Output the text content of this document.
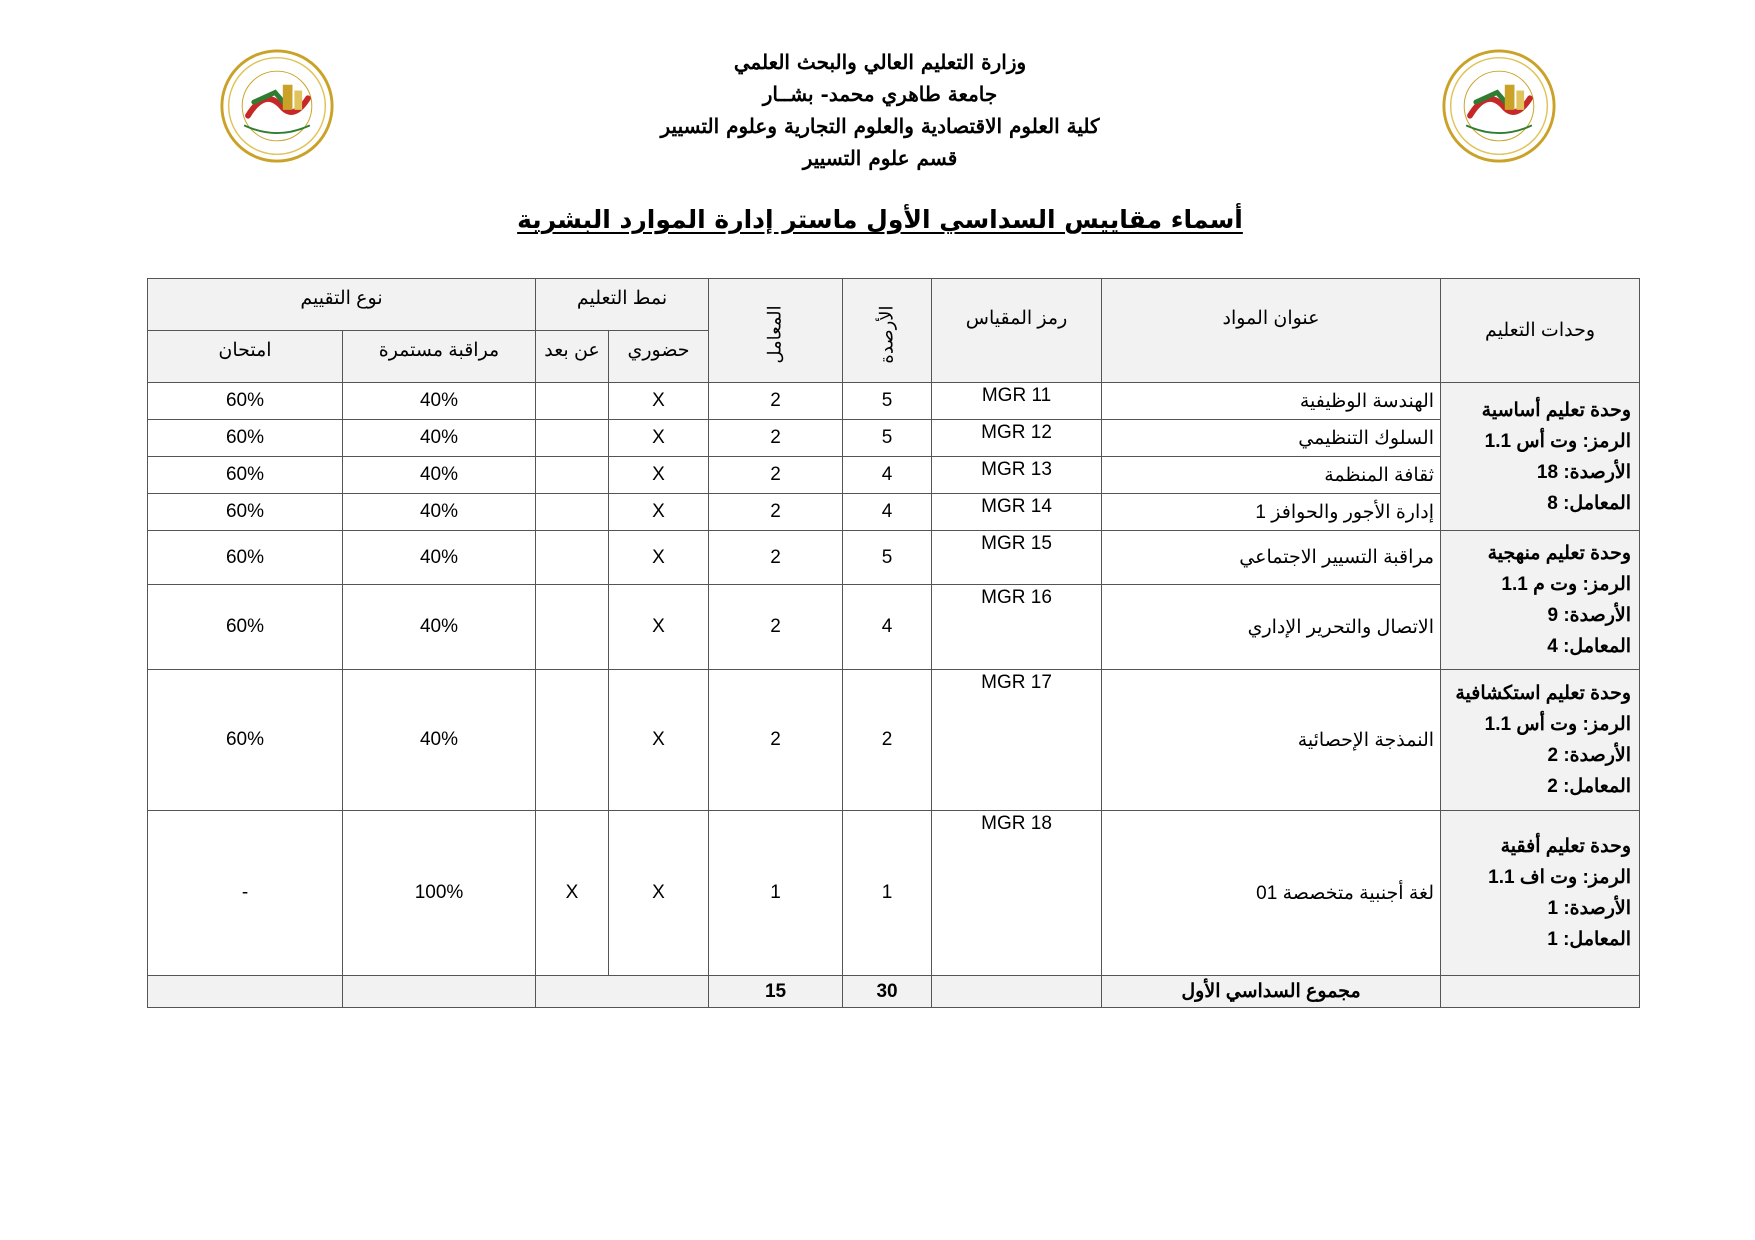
وزارة التعليم العالي والبحث العلمي
جامعة طاهري محمد- بشــار
كلية العلوم الاقتصادية والعلوم التجارية وعلوم التسيير
قسم علوم التسيير
أسماء مقاييس السداسي الأول ماستر إدارة الموارد البشرية
وحدات التعليم	عنوان المواد	رمز المقياس	الأرصدة	المعامل	نمط التعليم		نوع التقييم	
					حضوري	عن بعد	مراقبة مستمرة	امتحان

وحدة تعليم أساسية
الرمز: وت أس 1.1
الأرصدة: 18
المعامل: 8	الهندسة الوظيفية	MGR 11	5	2	X		40%	60%
	السلوك التنظيمي	MGR 12	5	2	X		40%	60%
	ثقافة المنظمة	MGR 13	4	2	X		40%	60%
	إدارة الأجور والحوافز 1	MGR 14	4	2	X		40%	60%

وحدة تعليم منهجية
الرمز: وت م 1.1
الأرصدة: 9
المعامل: 4	مراقبة التسيير الاجتماعي	MGR 15	5	2	X		40%	60%
	الاتصال والتحرير الإداري	MGR 16	4	2	X		40%	60%

وحدة تعليم استكشافية
الرمز: وت أس 1.1
الأرصدة: 2
المعامل: 2	النمذجة الإحصائية	MGR 17	2	2	X		40%	60%

وحدة تعليم أفقية
الرمز: وت اف 1.1
الأرصدة: 1
المعامل: 1	لغة أجنبية متخصصة 01	MGR 18	1	1	X	X	100%	-
	مجموع السداسي الأول		30	15				
